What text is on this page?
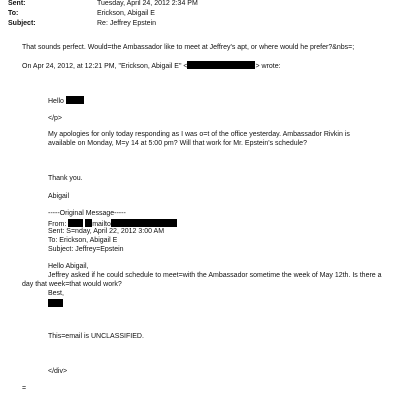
Sent:	Tuesday, April 24, 2012 2:34 PM
To:	Erickson, Abigail E
Subject:	Re: Jeffrey Epstein
That sounds perfect. Would=the Ambassador like to meet at Jeffrey's apt, or where would he prefer?&nbs=;
On Apr 24, 2012, at 12:21 PM, "Erickson, Abigail E" <	> wrote:
Hello
</p>
My apologies for only today responding as I was o=t of the office yesterday. Ambassador Rivkin is available on Monday, M=y 14 at 5:00 pm? Will that work for Mr. Epstein's schedule?
Thank you.
Abigail
-----Original Message-----
From:	mailto
Sent: S=nday, April 22, 2012 3:00 AM
To: Erickson, Abigail E
Subject: Jeffrey=Epstein
Hello Abigail,
Jeffrey asked if he could schedule to meet=with the Ambassador sometime the week of May 12th. Is there a day that week=that would work?
Best,
This=email is UNCLASSIFIED.
</div>
=
